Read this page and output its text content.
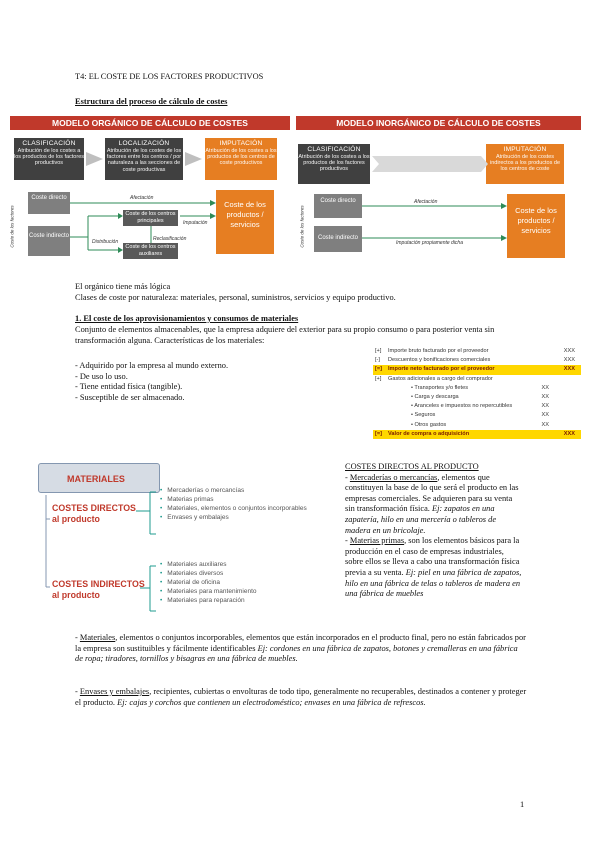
T4: EL COSTE DE LOS FACTORES PRODUCTIVOS
Estructura del proceso de cálculo de costes
MODELO ORGÁNICO DE CÁLCULO DE COSTES
CLASIFICACIÓN
Atribución de los costes a los productos de los factores productivos
LOCALIZACIÓN
Atribución de los costes de los factores entre los centros / por naturaleza a las secciones de coste productivas
IMPUTACIÓN
Atribución de los costes a los productos de los centros de coste productivos
Afectación
Imputación
Distribución	Reclasificación
Coste directo
Coste indirecto
Coste de los centros principales
Coste de los centros auxiliares
Coste de los productos / servicios
Coste de los factores
MODELO INORGÁNICO DE CÁLCULO DE COSTES
CLASIFICACIÓN
Atribución de los costes a los productos de los factores productivos
IMPUTACIÓN
Atribución de los costes indirectos a los productos de los centros de coste
Afectación
Imputación propiamente dicha
Coste directo
Coste indirecto
Coste de los productos / servicios
Coste de los factores
El orgánico tiene más lógica
Clases de coste por naturaleza: materiales, personal, suministros, servicios y equipo productivo.
1. El coste de los aprovisionamientos y consumos de materiales
Conjunto de elementos almacenables, que la empresa adquiere del exterior para su propio consumo o para posterior venta sin transformación alguna. Características de los materiales:
- Adquirido por la empresa al mundo externo.
- De uso lo uso.
- Tiene entidad física (tangible).
- Susceptible de ser almacenado.
[+] Importe bruto facturado por el proveedor	XXX
[-] Descuentos y bonificaciones comerciales	XXX
[=] Importe neto facturado por el proveedor	XXX
[+] Gastos adicionales a cargo del comprador
• Transportes y/o fletes	XX
• Carga y descarga	XX
• Aranceles e impuestos no repercutibles	XX
• Seguros	XX
• Otros gastos	XX
[=] Valor de compra o adquisición	XXX
MATERIALES
COSTES DIRECTOS al producto
COSTES INDIRECTOS al producto
• Mercaderías o mercancías
• Materias primas
• Materiales, elementos o conjuntos incorporables
• Envases y embalajes
• Materiales auxiliares
• Materiales diversos
• Material de oficina
• Materiales para mantenimiento
• Materiales para reparación
COSTES DIRECTOS AL PRODUCTO
- Mercaderías o mercancías, elementos que constituyen la base de lo que será el producto en las empresas comerciales. Se adquieren para su venta sin transformación física. Ej: zapatos en una zapatería, hilo en una mercería o tableros de madera en un bricolaje.
- Materias primas, son los elementos básicos para la producción en el caso de empresas industriales, sobre ellos se lleva a cabo una transformación física previa a su venta. Ej: piel en una fábrica de zapatos, hilo en una fábrica de telas o tableros de madera en una fábrica de muebles
- Materiales, elementos o conjuntos incorporables, elementos que están incorporados en el producto final, pero no están fabricados por la empresa son sustituibles y fácilmente identificables Ej: cordones en una fábrica de zapatos, botones y cremalleras en una fábrica de ropa; tiradores, tornillos y bisagras en una fábrica de muebles.
- Envases y embalajes, recipientes, cubiertas o envolturas de todo tipo, generalmente no recuperables, destinados a contener y proteger el producto. Ej: cajas y corchos que contienen un electrodoméstico; envases en una fábrica de refrescos.
1
